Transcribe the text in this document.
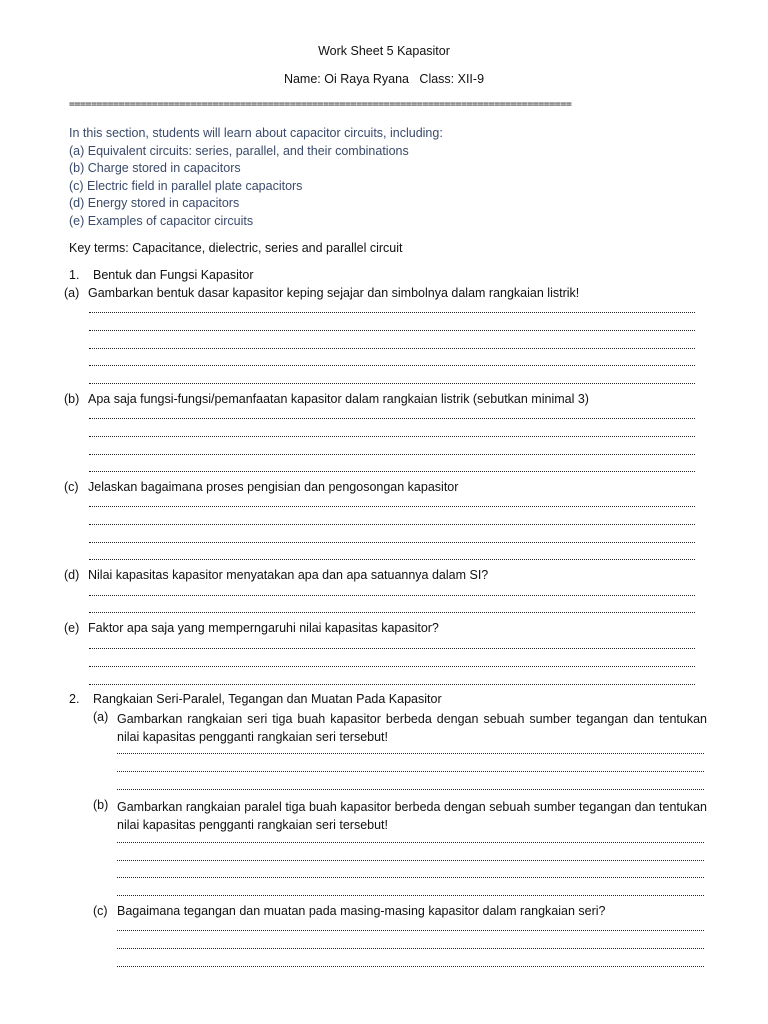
Work Sheet 5 Kapasitor
Name: Oi Raya Ryana   Class: XII-9
===========================================================================================
In this section, students will learn about capacitor circuits, including:
(a) Equivalent circuits: series, parallel, and their combinations
(b) Charge stored in capacitors
(c) Electric field in parallel plate capacitors
(d) Energy stored in capacitors
(e) Examples of capacitor circuits
Key terms: Capacitance, dielectric, series and parallel circuit
1. Bentuk dan Fungsi Kapasitor
(a) Gambarkan bentuk dasar kapasitor keping sejajar dan simbolnya dalam rangkaian listrik!
(b) Apa saja fungsi-fungsi/pemanfaatan kapasitor dalam rangkaian listrik (sebutkan minimal 3)
(c) Jelaskan bagaimana proses pengisian dan pengosongan kapasitor
(d) Nilai kapasitas kapasitor menyatakan apa dan apa satuannya dalam SI?
(e) Faktor apa saja yang memperngaruhi nilai kapasitas kapasitor?
2. Rangkaian Seri-Paralel, Tegangan dan Muatan Pada Kapasitor
(a) Gambarkan rangkaian seri tiga buah kapasitor berbeda dengan sebuah sumber tegangan dan tentukan nilai kapasitas pengganti rangkaian seri tersebut!
(b) Gambarkan rangkaian paralel tiga buah kapasitor berbeda dengan sebuah sumber tegangan dan tentukan nilai kapasitas pengganti rangkaian seri tersebut!
(c) Bagaimana tegangan dan muatan pada masing-masing kapasitor dalam rangkaian seri?
